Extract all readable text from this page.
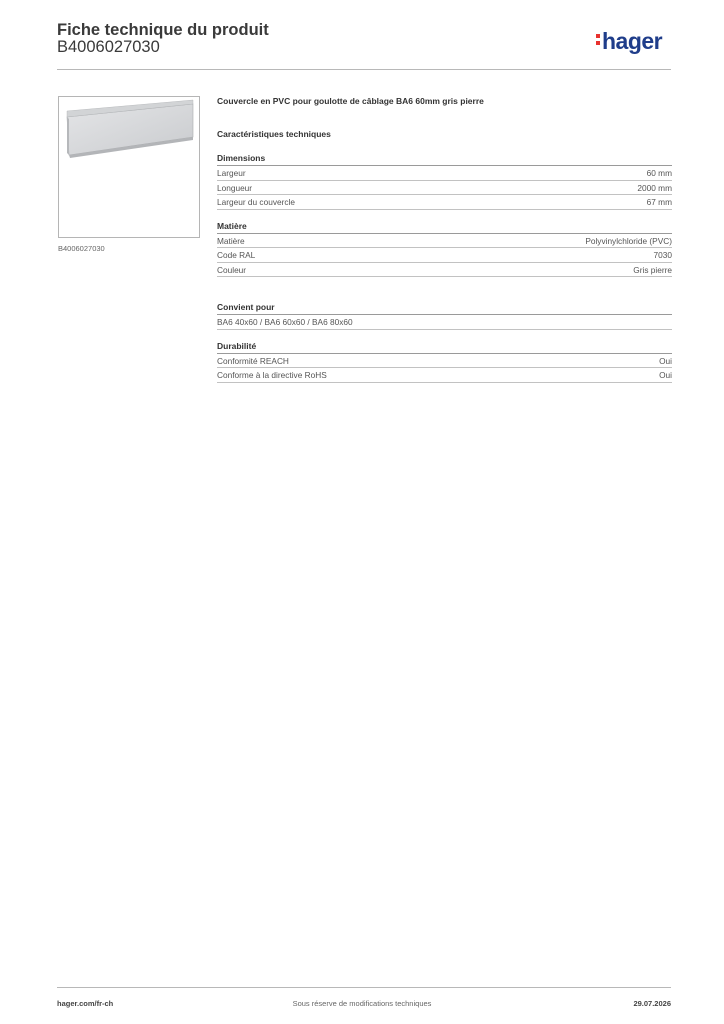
Fiche technique du produit
B4006027030	hager
B4006027030
Couvercle en PVC pour goulotte de câblage BA6 60mm gris pierre
Caractéristiques techniques
Dimensions
Largeur	60 mm
Longueur	2000 mm
Largeur du couvercle	67 mm
Matière
Matière	Polyvinylchloride (PVC)
Code RAL	7030
Couleur	Gris pierre
Convient pour
BA6 40x60 / BA6 60x60 / BA6 80x60
Durabilité
Conformité REACH	Oui
Conforme à la directive RoHS	Oui
hager.com/fr-ch	Sous réserve de modifications techniques	29.07.2026
